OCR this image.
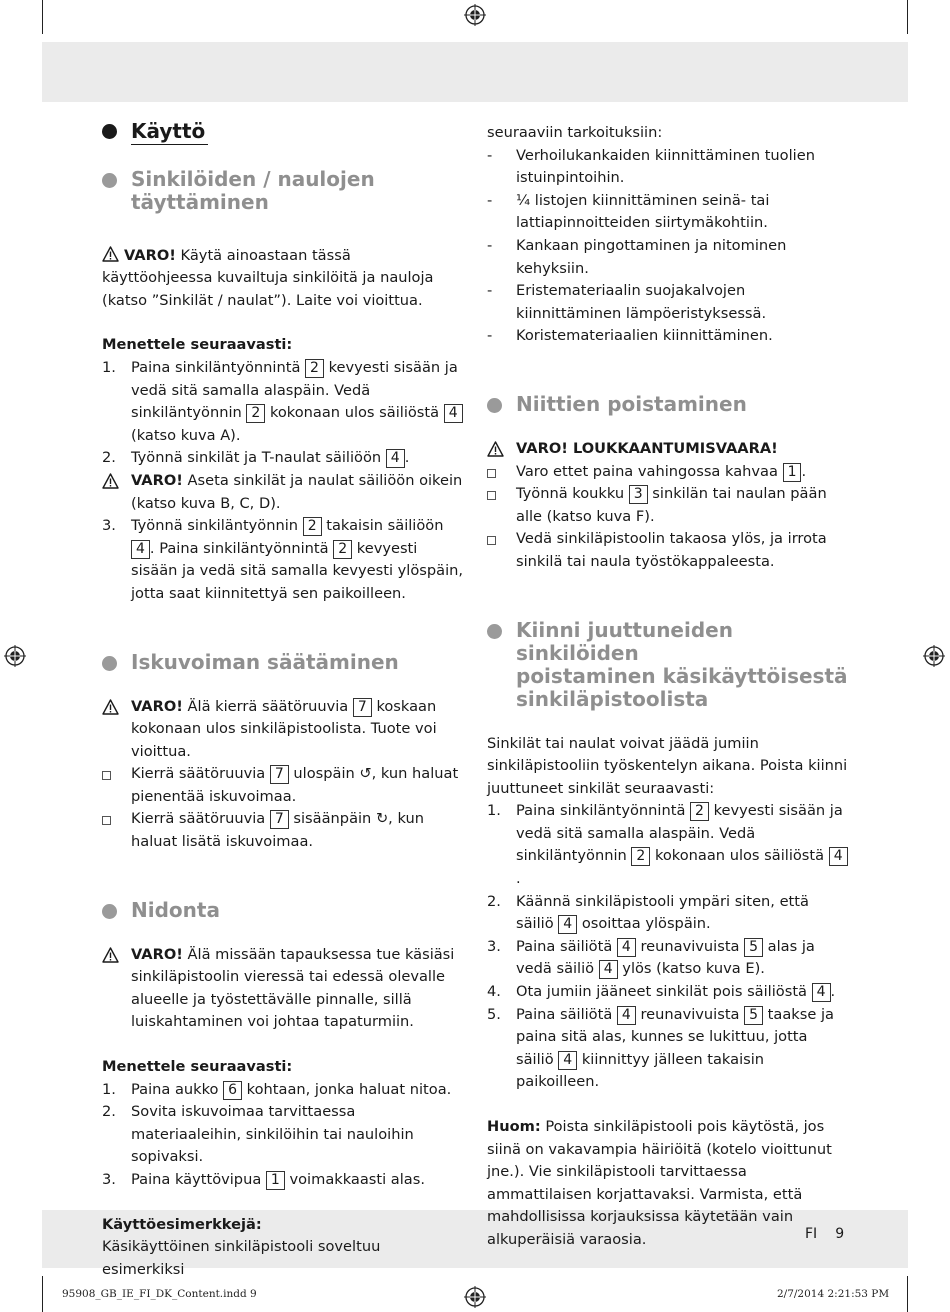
Käyttö
Sinkilöiden / naulojen
täyttäminen

VARO! Käytä ainoastaan tässä käyttöohjeessa kuvailtuja sinkilöitä ja nauloja (katso ”Sinkilät / naulat”). Laite voi vioittua.

Menettele seuraavasti:

1. Paina sinkiläntyönnintä 2 kevyesti sisään ja vedä sitä samalla alaspäin. Vedä sinkiläntyönnin 2 kokonaan ulos säiliöstä 4 (katso kuva A).
2. Työnnä sinkilät ja T-naulat säiliöön 4 .
VARO! Aseta sinkilät ja naulat säiliöön oikein (katso kuva B, C, D).
3. Työnnä sinkiläntyönnin 2 takaisin säiliöön 4 . Paina sinkiläntyönnintä 2 kevyesti sisään ja vedä sitä samalla kevyesti ylöspäin, jotta saat kiinnitettyä sen paikoilleen.
Iskuvoiman säätäminen
VARO! Älä kierrä säätöruuvia 7 koskaan kokonaan ulos sinkiläpistoolista. Tuote voi vioittua.
Kierrä säätöruuvia 7 ulospäin ↺, kun haluat pienentää iskuvoimaa.
Kierrä säätöruuvia 7 sisäänpäin ↻, kun haluat lisätä iskuvoimaa.
Nidonta
VARO! Älä missään tapauksessa tue käsiäsi sinkiläpistoolin vieressä tai edessä olevalle alueelle ja työstettävälle pinnalle, sillä luiskahtaminen voi johtaa tapaturmiin.

Menettele seuraavasti:

1. Paina aukko 6 kohtaan, jonka haluat nitoa.
2. Sovita iskuvoimaa tarvittaessa materiaaleihin, sinkilöihin tai nauloihin sopivaksi.
3. Paina käyttövipua 1 voimakkaasti alas.

Käyttöesimerkkejä:

Käsikäyttöinen sinkiläpistooli soveltuu esimerkiksi

seuraaviin tarkoituksiin:

- Verhoilukankaiden kiinnittäminen tuolien istuinpintoihin.
- ¼ listojen kiinnittäminen seinä- tai lattiapinnoitteiden siirtymäkohtiin.
- Kankaan pingottaminen ja nitominen kehyksiin.
- Eristemateriaalin suojakalvojen kiinnittäminen lämpöeristyksessä.
- Koristemateriaalien kiinnittäminen.
Niittien poistaminen
VARO! LOUKKAANTUMISVAARA!
Varo ettet paina vahingossa kahvaa 1 .
Työnnä koukku 3 sinkilän tai naulan pään alle (katso kuva F).
Vedä sinkiläpistoolin takaosa ylös, ja irrota sinkilä tai naula työstökappaleesta.
Kiinni juuttuneiden sinkilöiden
poistaminen käsikäyttöisestä
sinkiläpistoolista

Sinkilät tai naulat voivat jäädä jumiin sinkiläpistooliin työskentelyn aikana. Poista kiinni juuttuneet sinkilät seuraavasti:

1. Paina sinkiläntyönnintä 2 kevyesti sisään ja vedä sitä samalla alaspäin. Vedä sinkiläntyönnin 2 kokonaan ulos säiliöstä 4.
2. Käännä sinkiläpistooli ympäri siten, että säiliö 4 osoittaa ylöspäin.
3. Paina säiliötä 4 reunavivuista 5 alas ja vedä säiliö 4 ylös (katso kuva E).
4. Ota jumiin jääneet sinkilät pois säiliöstä 4 .
5. Paina säiliötä 4 reunavivuista 5 taakse ja paina sitä alas, kunnes se lukittuu, jotta säiliö 4 kiinnittyy jälleen takaisin paikoilleen.

Huom: Poista sinkiläpistooli pois käytöstä, jos siinä on vakavampia häiriöitä (kotelo vioittunut jne.). Vie sinkiläpistooli tarvittaessa ammattilaisen korjattavaksi. Varmista, että mahdollisissa korjauksissa käytetään vain alkuperäisiä varaosia.	FI 9
95908_GB_IE_FI_DK_Content.indd 9	2/7/2014 2:21:53 PM
